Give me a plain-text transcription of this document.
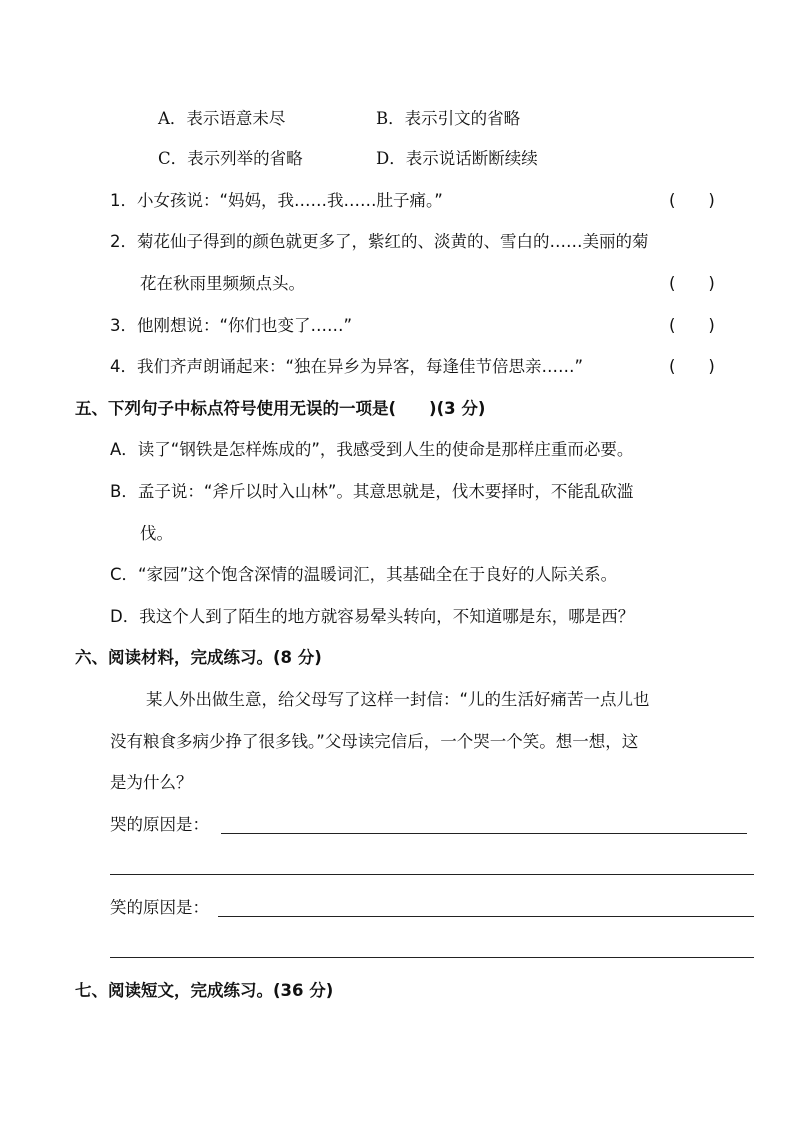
A．表示语意未尽	B．表示引文的省略
C．表示列举的省略	D．表示说话断断续续
1．小女孩说：“妈妈，我……我……肚子痛。”	(　　)
2．菊花仙子得到的颜色就更多了，紫红的、淡黄的、雪白的……美丽的菊
花在秋雨里频频点头。	(　　)
3．他刚想说：“你们也变了……”	(　　)
4．我们齐声朗诵起来：“独在异乡为异客，每逢佳节倍思亲……”	(　　)
五、下列句子中标点符号使用无误的一项是(　　)(3 分)
A．读了“钢铁是怎样炼成的”，我感受到人生的使命是那样庄重而必要。
B．孟子说：“斧斤以时入山林”。其意思就是，伐木要择时，不能乱砍滥
伐。
C．“家园”这个饱含深情的温暖词汇，其基础全在于良好的人际关系。
D．我这个人到了陌生的地方就容易晕头转向，不知道哪是东，哪是西？
六、阅读材料，完成练习。(8 分)
某人外出做生意，给父母写了这样一封信：“儿的生活好痛苦一点儿也
没有粮食多病少挣了很多钱。”父母读完信后，一个哭一个笑。想一想，这
是为什么？
哭的原因是：
笑的原因是：
七、阅读短文，完成练习。(36 分)
